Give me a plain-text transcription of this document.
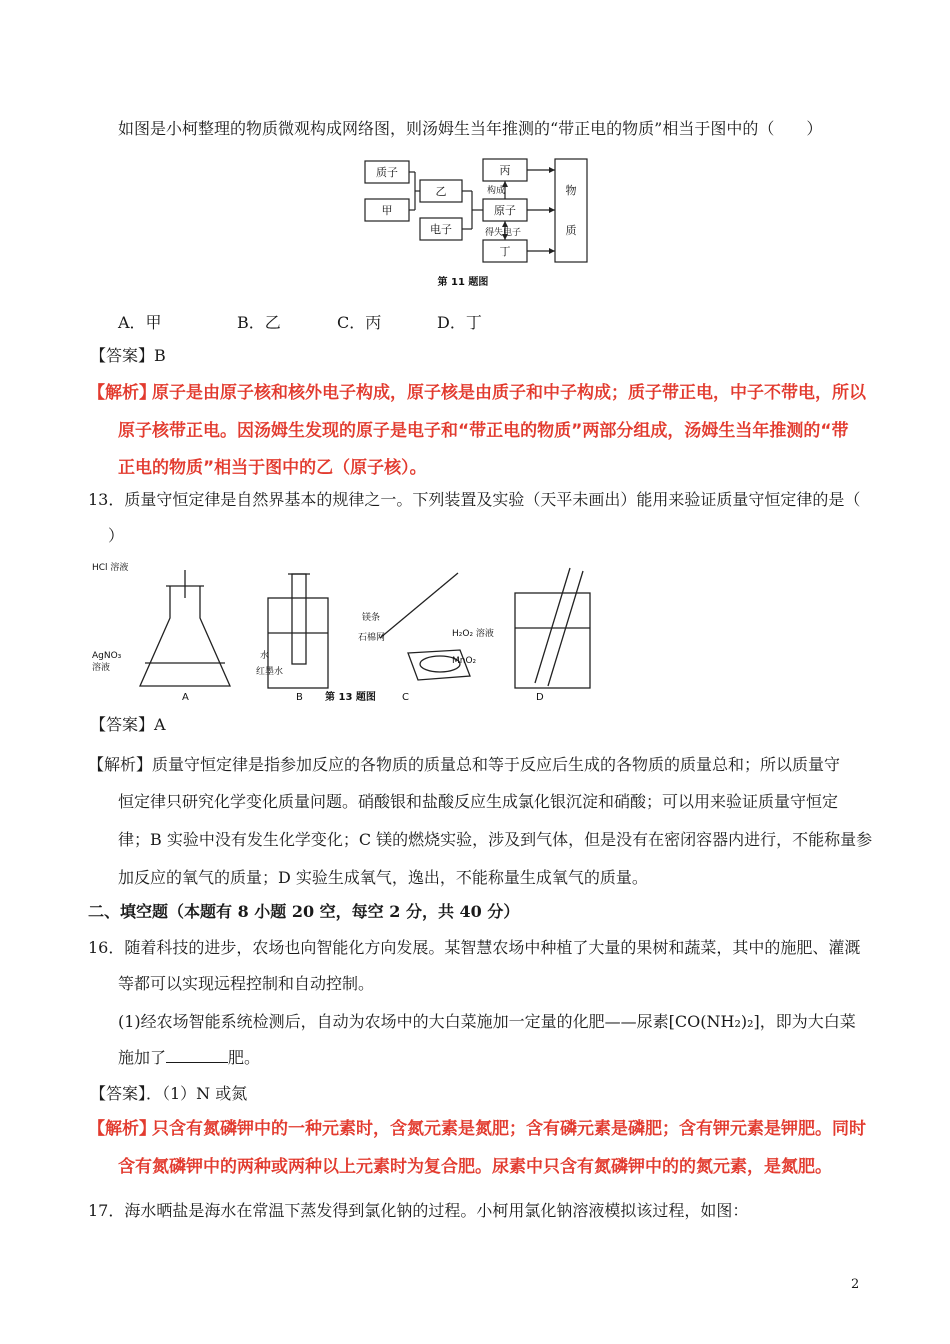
如图是小柯整理的物质微观构成网络图，则汤姆生当年推测的“带正电的物质”相当于图中的（　　）
质子
甲
乙
电子
丙
原子
丁
物
质
构成
得失电子
第 11 题图
A．甲	B．乙	C．丙	D．丁
【答案】B
【解析】
原子是由原子核和核外电子构成，原子核是由质子和中子构成；质子带正电，中子不带电，所以
原子核带正电。因汤姆生发现的原子是电子和“带正电的物质”两部分组成，汤姆生当年推测的“带
正电的物质”相当于图中的乙（原子核）。
13．质量守恒定律是自然界基本的规律之一。下列装置及实验（天平未画出）能用来验证质量守恒定律的是（
）
HCl 溶液
AgNO₃
溶液
A
水
红墨水
B
镁条
石棉网
C
H₂O₂ 溶液
MnO₂
D
第 13 题图
【答案】A
【解析】 质量守恒定律是指参加反应的各物质的质量总和等于反应后生成的各物质的质量总和；所以质量守
恒定律只研究化学变化质量问题。硝酸银和盐酸反应生成氯化银沉淀和硝酸；可以用来验证质量守恒定
律；B 实验中没有发生化学变化；C 镁的燃烧实验，涉及到气体，但是没有在密闭容器内进行，不能称量参
加反应的氧气的质量；D 实验生成氧气，逸出，不能称量生成氧气的质量。
二、填空题（本题有 8 小题 20 空，每空 2 分，共 40 分）
16．随着科技的进步，农场也向智能化方向发展。某智慧农场中种植了大量的果树和蔬菜，其中的施肥、灌溉
等都可以实现远程控制和自动控制。
(1)经农场智能系统检测后，自动为农场中的大白菜施加一定量的化肥——尿素[CO(NH₂)₂]，即为大白菜
施加了	肥。
【答案】．（1）N 或氮
【解析】
只含有氮磷钾中的一种元素时，含氮元素是氮肥；含有磷元素是磷肥；含有钾元素是钾肥。同时
含有氮磷钾中的两种或两种以上元素时为复合肥。尿素中只含有氮磷钾中的的氮元素，是氮肥。
17．海水晒盐是海水在常温下蒸发得到氯化钠的过程。小柯用氯化钠溶液模拟该过程，如图：
2
